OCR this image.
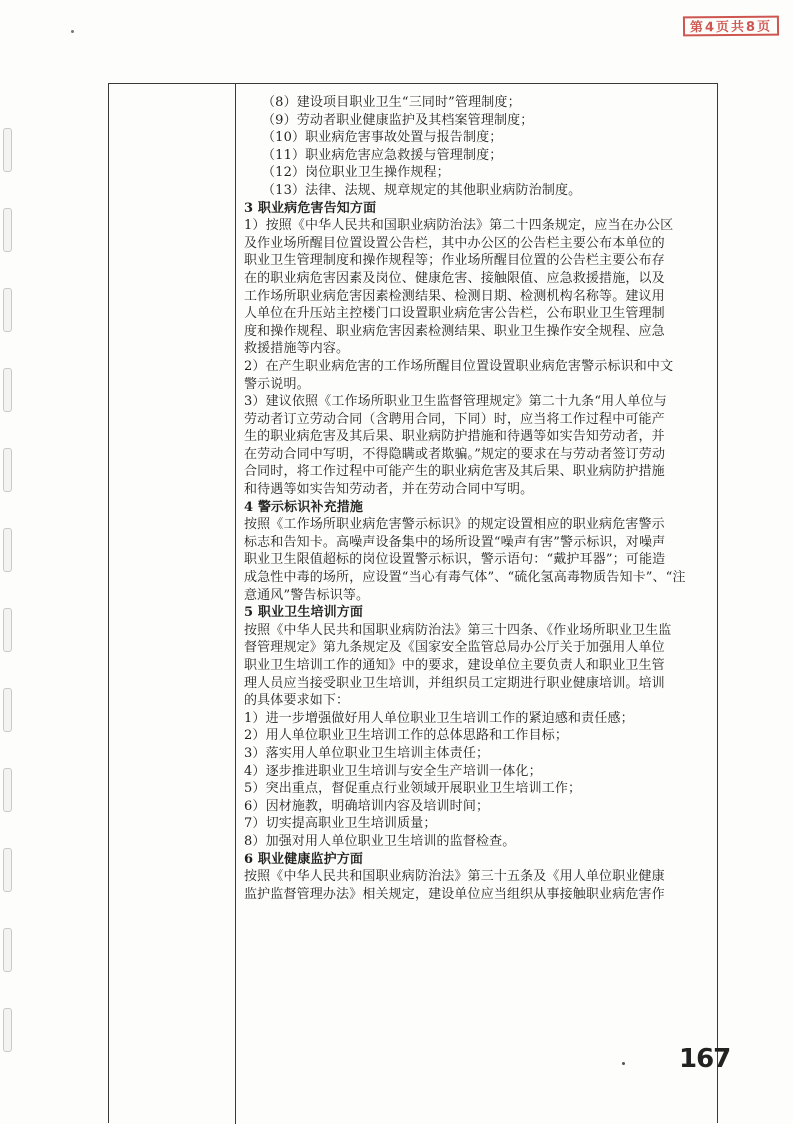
第4页共8页

（8）建设项目职业卫生“三同时”管理制度；

（9）劳动者职业健康监护及其档案管理制度；

（10）职业病危害事故处置与报告制度；

（11）职业病危害应急救援与管理制度；

（12）岗位职业卫生操作规程；

（13）法律、法规、规章规定的其他职业病防治制度。

3 职业病危害告知方面

1）按照《中华人民共和国职业病防治法》第二十四条规定，应当在办公区

及作业场所醒目位置设置公告栏，其中办公区的公告栏主要公布本单位的

职业卫生管理制度和操作规程等；作业场所醒目位置的公告栏主要公布存

在的职业病危害因素及岗位、健康危害、接触限值、应急救援措施，以及

工作场所职业病危害因素检测结果、检测日期、检测机构名称等。建议用

人单位在升压站主控楼门口设置职业病危害公告栏，公布职业卫生管理制

度和操作规程、职业病危害因素检测结果、职业卫生操作安全规程、应急

救援措施等内容。

2）在产生职业病危害的工作场所醒目位置设置职业病危害警示标识和中文

警示说明。

3）建议依照《工作场所职业卫生监督管理规定》第二十九条“用人单位与

劳动者订立劳动合同（含聘用合同，下同）时，应当将工作过程中可能产

生的职业病危害及其后果、职业病防护措施和待遇等如实告知劳动者，并

在劳动合同中写明，不得隐瞒或者欺骗。”规定的要求在与劳动者签订劳动

合同时，将工作过程中可能产生的职业病危害及其后果、职业病防护措施

和待遇等如实告知劳动者，并在劳动合同中写明。

4 警示标识补充措施

按照《工作场所职业病危害警示标识》的规定设置相应的职业病危害警示

标志和告知卡。高噪声设备集中的场所设置“噪声有害”警示标识，对噪声

职业卫生限值超标的岗位设置警示标识，警示语句：“戴护耳器”；可能造

成急性中毒的场所，应设置“当心有毒气体”、“硫化氢高毒物质告知卡”、“注

意通风”警告标识等。

5 职业卫生培训方面

按照《中华人民共和国职业病防治法》第三十四条、《作业场所职业卫生监

督管理规定》第九条规定及《国家安全监管总局办公厅关于加强用人单位

职业卫生培训工作的通知》中的要求，建设单位主要负责人和职业卫生管

理人员应当接受职业卫生培训，并组织员工定期进行职业健康培训。培训

的具体要求如下：

1）进一步增强做好用人单位职业卫生培训工作的紧迫感和责任感；

2）用人单位职业卫生培训工作的总体思路和工作目标；

3）落实用人单位职业卫生培训主体责任；

4）逐步推进职业卫生培训与安全生产培训一体化；

5）突出重点，督促重点行业领域开展职业卫生培训工作；

6）因材施教，明确培训内容及培训时间；

7）切实提高职业卫生培训质量；

8）加强对用人单位职业卫生培训的监督检查。

6 职业健康监护方面

按照《中华人民共和国职业病防治法》第三十五条及《用人单位职业健康

监护监督管理办法》相关规定，建设单位应当组织从事接触职业病危害作

167
